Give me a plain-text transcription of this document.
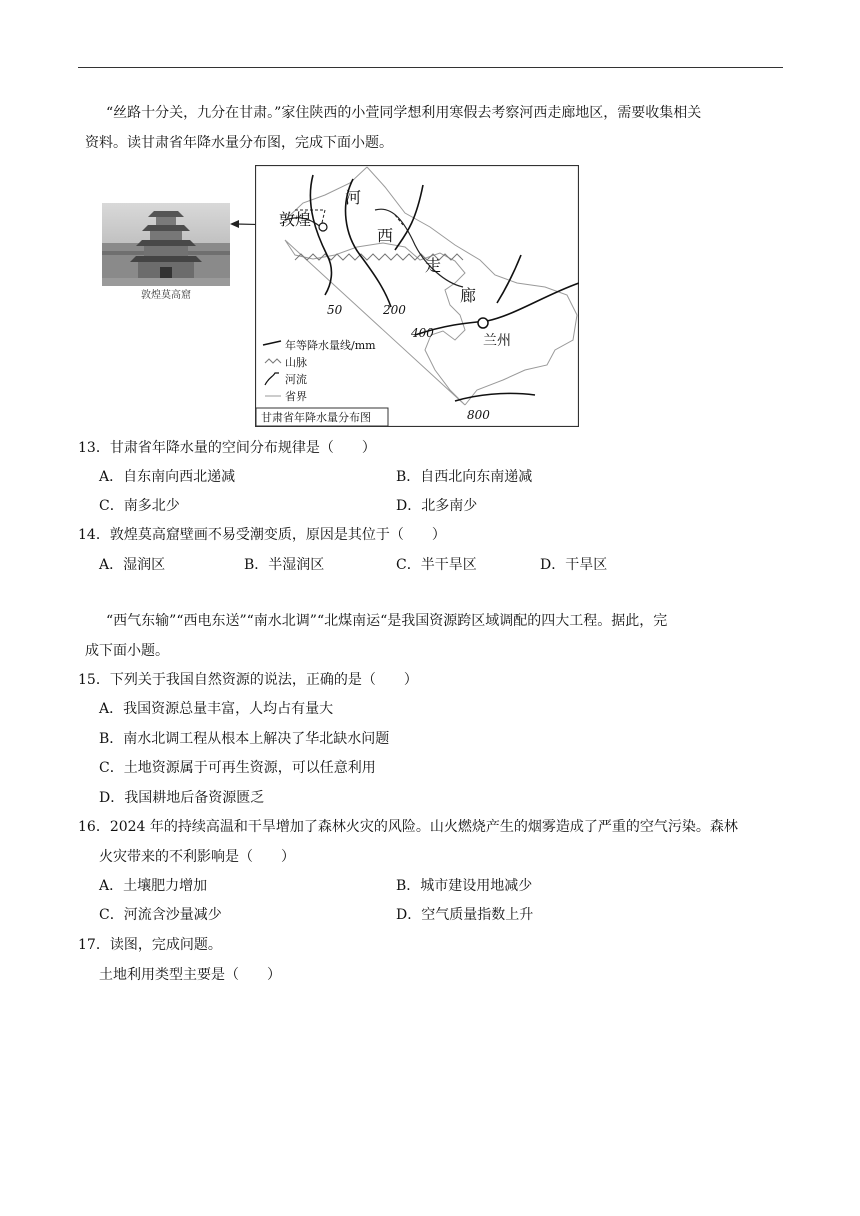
“丝路十分关，九分在甘肃。”家住陕西的小萱同学想利用寒假去考察河西走廊地区，需要收集相关
资料。读甘肃省年降水量分布图，完成下面小题。
敦煌莫高窟
敦煌
河
西
走
廊
兰州
50	200
400
800
年等降水量线/mm
山脉
河流
省界
甘肃省年降水量分布图
13．甘肃省年降水量的空间分布规律是（　　）
A．自东南向西北递减	B．自西北向东南递减
C．南多北少	D．北多南少
14．敦煌莫高窟壁画不易受潮变质，原因是其位于（　　）
A．湿润区	B．半湿润区	C．半干旱区	D．干旱区
“西气东输”“西电东送”“南水北调”“北煤南运“是我国资源跨区域调配的四大工程。据此，完
成下面小题。
15．下列关于我国自然资源的说法，正确的是（　　）
A．我国资源总量丰富，人均占有量大
B．南水北调工程从根本上解决了华北缺水问题
C．土地资源属于可再生资源，可以任意利用
D．我国耕地后备资源匮乏
16．2024 年的持续高温和干旱增加了森林火灾的风险。山火燃烧产生的烟雾造成了严重的空气污染。森林
火灾带来的不利影响是（　　）
A．土壤肥力增加	B．城市建设用地减少
C．河流含沙量减少	D．空气质量指数上升
17．读图，完成问题。
土地利用类型主要是（　　）
